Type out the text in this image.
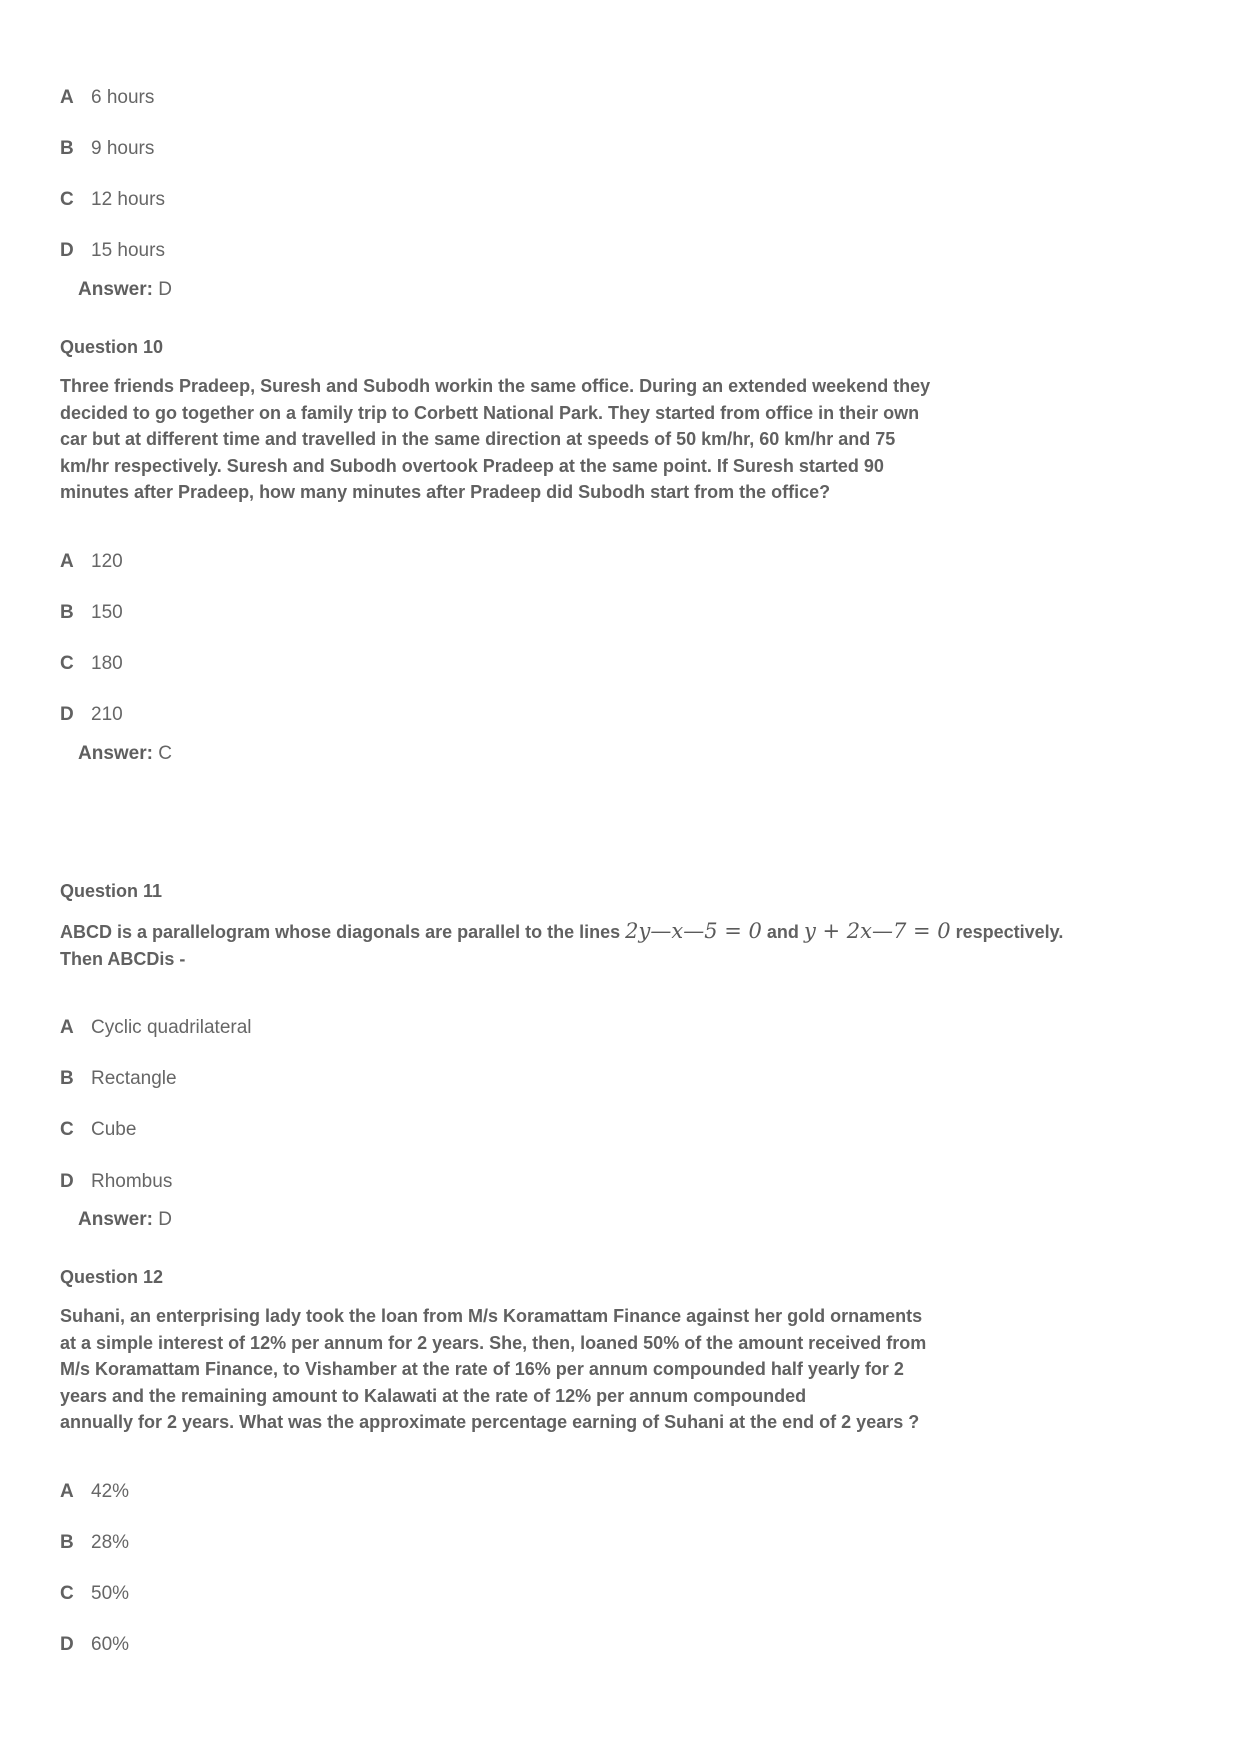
A 6 hours
B 9 hours
C 12 hours
D 15 hours
Answer: D
Question 10
Three friends Pradeep, Suresh and Subodh workin the same office. During an extended weekend they
decided to go together on a family trip to Corbett National Park. They started from office in their own
car but at different time and travelled in the same direction at speeds of 50 km/hr, 60 km/hr and 75
km/hr respectively. Suresh and Subodh overtook Pradeep at the same point. If Suresh started 90
minutes after Pradeep, how many minutes after Pradeep did Subodh start from the office?
A 120
B 150
C 180
D 210
Answer: C
Question 11
ABCD is a parallelogram whose diagonals are parallel to the lines 2y—x—5 = 0 and y + 2x—7 = 0 respectively.
Then ABCDis -
A Cyclic quadrilateral
B Rectangle
C Cube
D Rhombus
Answer: D
Question 12
Suhani, an enterprising lady took the loan from M/s Koramattam Finance against her gold ornaments
at a simple interest of 12% per annum for 2 years. She, then, loaned 50% of the amount received from
M/s Koramattam Finance, to Vishamber at the rate of 16% per annum compounded half yearly for 2
years and the remaining amount to Kalawati at the rate of 12% per annum compounded
annually for 2 years. What was the approximate percentage earning of Suhani at the end of 2 years ?
A 42%
B 28%
C 50%
D 60%
